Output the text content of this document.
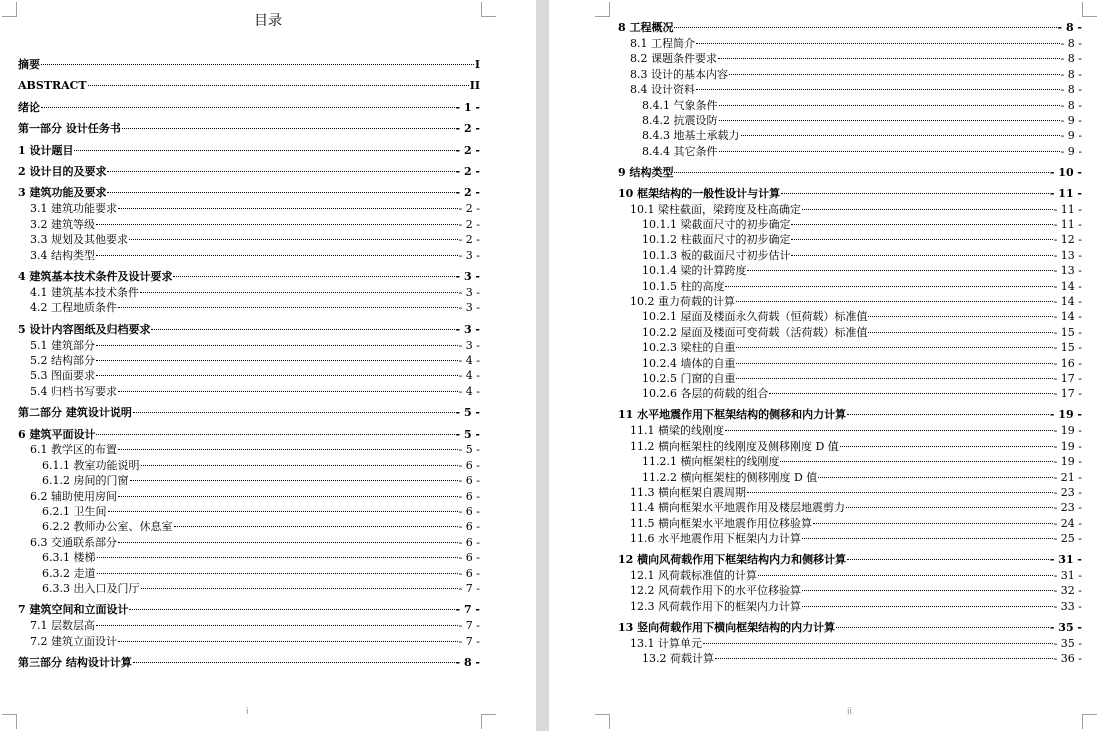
目录
摘要	I
ABSTRACT	II
绪论	- 1 -
第一部分 设计任务书	- 2 -
1 设计题目	- 2 -
2 设计目的及要求	- 2 -
3 建筑功能及要求	- 2 -
3.1 建筑功能要求	- 2 -
3.2 建筑等级	- 2 -
3.3 规划及其他要求	- 2 -
3.4 结构类型	- 3 -
4 建筑基本技术条件及设计要求	- 3 -
4.1 建筑基本技术条件	- 3 -
4.2 工程地质条件	- 3 -
5 设计内容图纸及归档要求	- 3 -
5.1 建筑部分	- 3 -
5.2 结构部分	- 4 -
5.3 图面要求	- 4 -
5.4 归档书写要求	- 4 -
第二部分 建筑设计说明	- 5 -
6 建筑平面设计	- 5 -
6.1 教学区的布置	- 5 -
6.1.1 教室功能说明	- 6 -
6.1.2 房间的门窗	- 6 -
6.2 辅助使用房间	- 6 -
6.2.1 卫生间	- 6 -
6.2.2 教师办公室、休息室	- 6 -
6.3 交通联系部分	- 6 -
6.3.1 楼梯	- 6 -
6.3.2 走道	- 6 -
6.3.3 出入口及门厅	- 7 -
7 建筑空间和立面设计	- 7 -
7.1 层数层高	- 7 -
7.2 建筑立面设计	- 7 -
第三部分 结构设计计算	- 8 -
i
8 工程概况	- 8 -
8.1 工程简介	- 8 -
8.2 课题条件要求	- 8 -
8.3 设计的基本内容	- 8 -
8.4 设计资料	- 8 -
8.4.1 气象条件	- 8 -
8.4.2 抗震设防	- 9 -
8.4.3 地基土承载力	- 9 -
8.4.4 其它条件	- 9 -
9 结构类型	- 10 -
10 框架结构的一般性设计与计算	- 11 -
10.1 梁柱截面，梁跨度及柱高确定	- 11 -
10.1.1 梁截面尺寸的初步确定	- 11 -
10.1.2 柱截面尺寸的初步确定	- 12 -
10.1.3 板的截面尺寸初步估计	- 13 -
10.1.4 梁的计算跨度	- 13 -
10.1.5 柱的高度	- 14 -
10.2 重力荷载的计算	- 14 -
10.2.1 屋面及楼面永久荷载（恒荷载）标准值	- 14 -
10.2.2 屋面及楼面可变荷载（活荷载）标准值	- 15 -
10.2.3 梁柱的自重	- 15 -
10.2.4 墙体的自重	- 16 -
10.2.5 门窗的自重	- 17 -
10.2.6 各层的荷载的组合	- 17 -
11 水平地震作用下框架结构的侧移和内力计算	- 19 -
11.1 横梁的线刚度	- 19 -
11.2 横向框架柱的线刚度及侧移刚度 D 值	- 19 -
11.2.1 横向框架柱的线刚度	- 19 -
11.2.2 横向框架柱的侧移刚度 D 值	- 21 -
11.3 横向框架自震周期	- 23 -
11.4 横向框架水平地震作用及楼层地震剪力	- 23 -
11.5 横向框架水平地震作用位移验算	- 24 -
11.6 水平地震作用下框架内力计算	- 25 -
12 横向风荷载作用下框架结构内力和侧移计算	- 31 -
12.1 风荷载标准值的计算	- 31 -
12.2 风荷载作用下的水平位移验算	- 32 -
12.3 风荷载作用下的框架内力计算	- 33 -
13 竖向荷载作用下横向框架结构的内力计算	- 35 -
13.1 计算单元	- 35 -
13.2 荷载计算	- 36 -
ii
